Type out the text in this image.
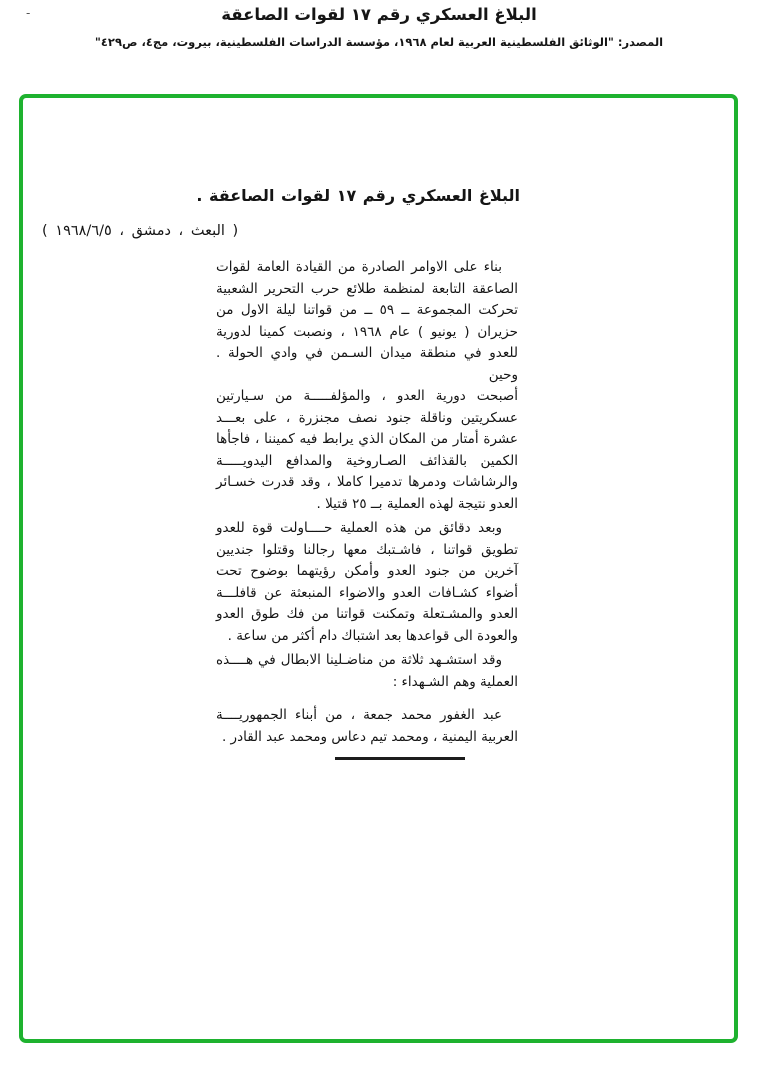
-	البلاغ العسكري رقم ١٧ لقوات الصاعقة
المصدر: "الوثائق الفلسطينية العربية لعام ١٩٦٨، مؤسسة الدراسات الفلسطينية، بيروت، مج٤، ص٤٢٩"
البلاغ العسكري رقم ١٧ لقوات الصاعقة .
( البعث ، دمشق ، ١٩٦٨/٦/٥ )
بناء على الاوامر الصادرة من القيادة العامة لقوات
الصاعقة التابعة لمنظمة طلائع حرب التحرير الشعبية
تحركت المجموعة ــ ٥٩ ــ من قواتنا ليلة الاول من
حزيران ( يونيو ) عام ١٩٦٨ ، ونصبت كمينا لدورية
للعدو في منطقة ميدان السـمن في وادي الحولة . وحين
أصبحت دورية العدو ، والمؤلفـــــة من سـيارتين
عسكريتين وناقلة جنود نصف مجنزرة ، على بعـــد
عشرة أمتار من المكان الذي يرابط فيه كميننا ، فاجأها
الكمين بالقذائف الصـاروخية والمدافع اليدويـــــة
والرشاشات ودمرها تدميرا كاملا ، وقد قدرت خسـائر
العدو نتيجة لهذه العملية بــ ٢٥ قتيلا .
وبعد دقائق من هذه العملية حــــاولت قوة للعدو
تطويق قواتنا ، فاشـتبك معها رجالنا وقتلوا جنديين
آخرين من جنود العدو وأمكن رؤيتهما بوضوح تحت
أضواء كشـافات العدو والاضواء المنبعثة عن قافلـــة
العدو والمشـتعلة وتمكنت قواتنا من فك طوق العدو
والعودة الى قواعدها بعد اشتباك دام أكثر من ساعة .
وقد استشـهد ثلاثة من مناضـلينا الابطال في هــــذه
العملية وهم الشـهداء :
عبد الغفور محمد جمعة ، من أبناء الجمهوريــــة
العربية اليمنية ، ومحمد تيم دعاس ومحمد عبد القادر .
